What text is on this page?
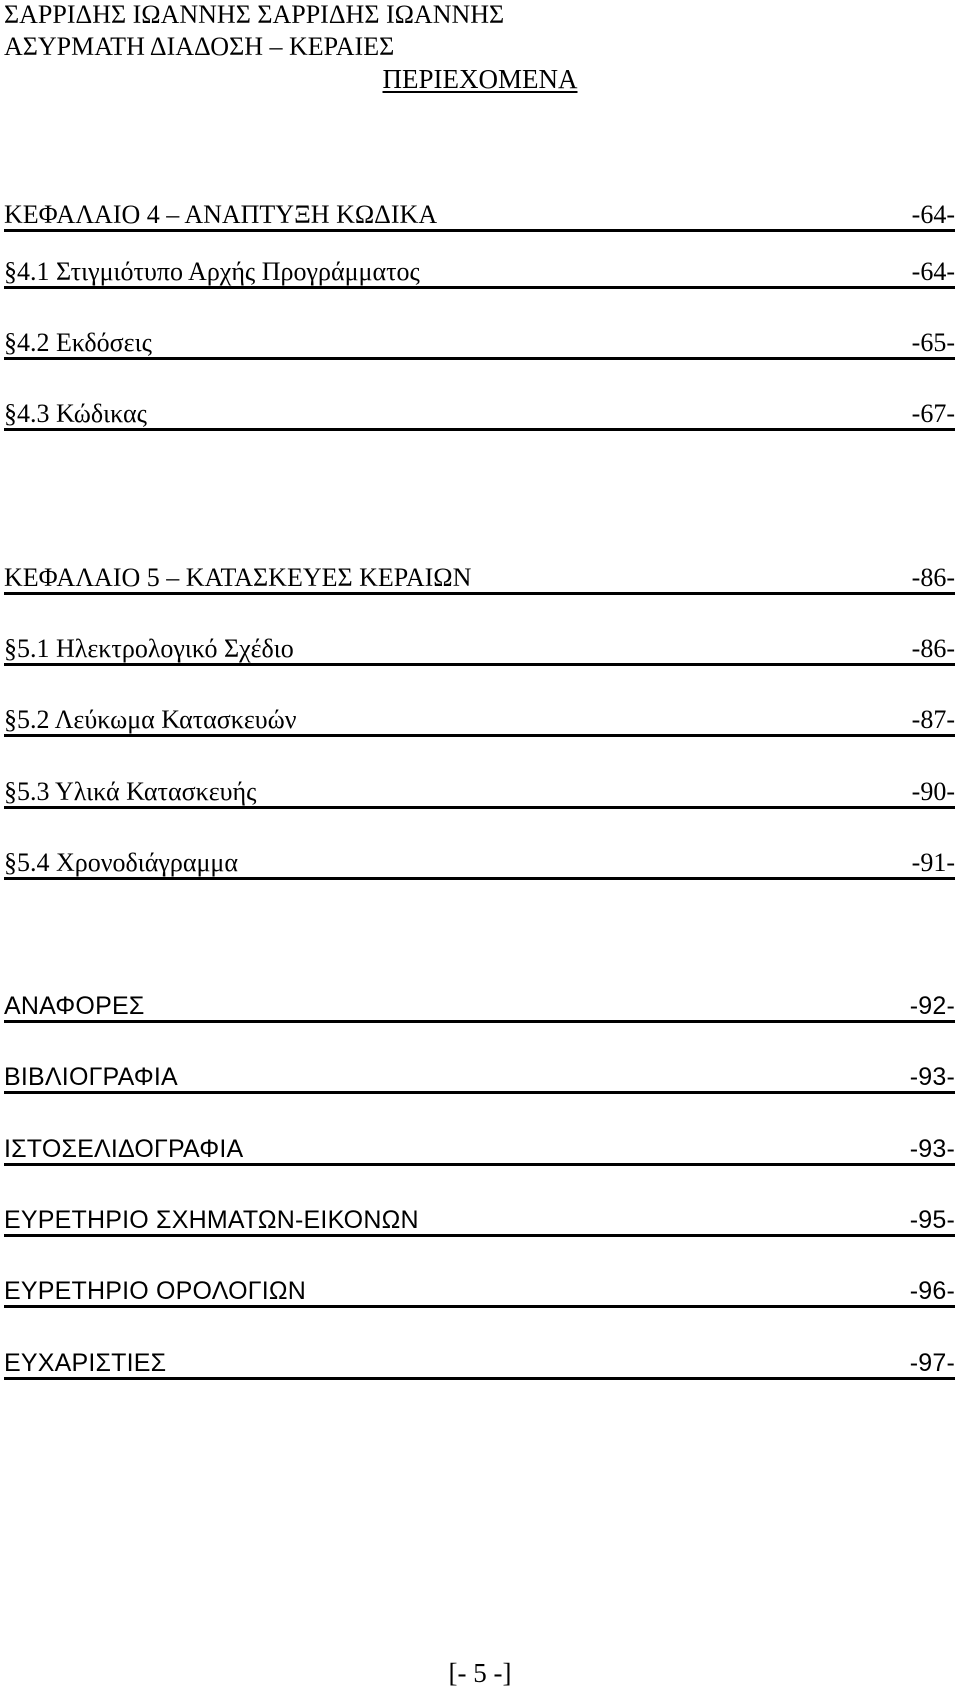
ΣΑΡΡΙΔΗΣ ΙΩΑΝΝΗΣ ΣΑΡΡΙΔΗΣ ΙΩΑΝΝΗΣ
ΑΣΥΡΜΑΤΗ ΔΙΑΔΟΣΗ – ΚΕΡΑΙΕΣ
ΠΕΡΙΕΧΟΜΕΝΑ
ΚΕΦΑΛΑΙΟ 4 – ΑΝΑΠΤΥΞΗ ΚΩΔΙΚΑ	-64-
§4.1 Στιγμιότυπο Αρχής Προγράμματος	-64-
§4.2 Εκδόσεις	-65-
§4.3 Κώδικας	-67-
ΚΕΦΑΛΑΙΟ 5 – ΚΑΤΑΣΚΕΥΕΣ ΚΕΡΑΙΩΝ	-86-
§5.1 Ηλεκτρολογικό Σχέδιο	-86-
§5.2 Λεύκωμα Κατασκευών	-87-
§5.3 Υλικά Κατασκευής	-90-
§5.4 Χρονοδιάγραμμα	-91-
ΑΝΑΦΟΡΕΣ	-92-
ΒΙΒΛΙΟΓΡΑΦΙΑ	-93-
ΙΣΤΟΣΕΛΙΔΟΓΡΑΦΙΑ	-93-
ΕΥΡΕΤΗΡΙΟ ΣΧΗΜΑΤΩΝ-ΕΙΚΟΝΩΝ	-95-
ΕΥΡΕΤΗΡΙΟ ΟΡΟΛΟΓΙΩΝ	-96-
ΕΥΧΑΡΙΣΤΙΕΣ	-97-
[- 5 -]
